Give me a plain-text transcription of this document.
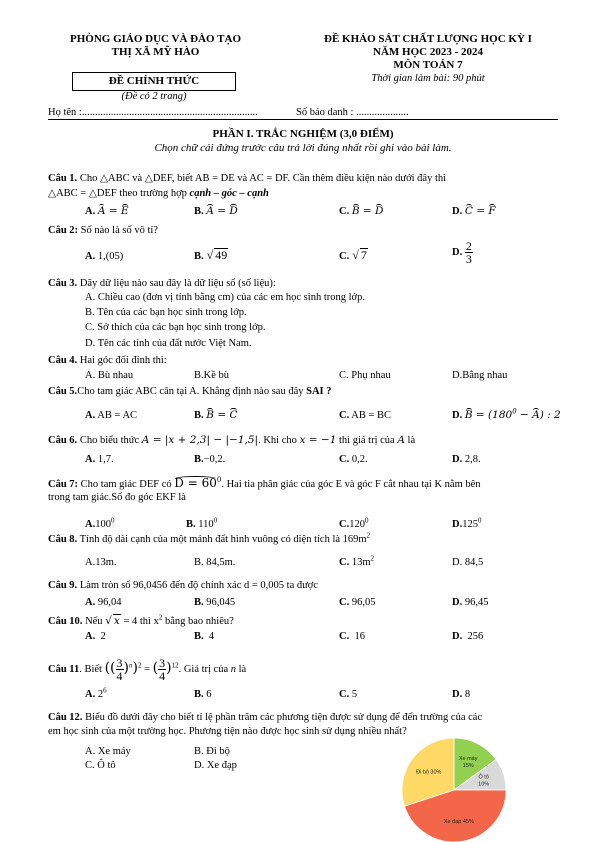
PHÒNG GIÁO DỤC VÀ ĐÀO TẠO
THỊ XÃ MỸ HÀO
ĐỀ CHÍNH THỨC
(Đề có 2 trang)
ĐỀ KHẢO SÁT CHẤT LƯỢNG HỌC KỲ I
NĂM HỌC 2023 - 2024
MÔN TOÁN 7
Thời gian làm bài: 90 phút
Họ tên :...................................................................	Số báo danh : ....................
PHẦN I. TRẮC NGHIỆM (3,0 ĐIỂM)
Chọn chữ cái đứng trước câu trả lời đúng nhất rồi ghi vào bài làm.
Câu 1. Cho △ABC và △DEF, biết AB = DE và AC = DF. Cần thêm điều kiện nào dưới đây thì
△ABC = △DEF theo trường hợp cạnh – góc – cạnh
A. A = E	B. A = D	C. B = D	D. C = F
Câu 2: Số nào là số vô tỉ?
A. 1,(05)	B. √ 49	C. √ 7	D. $\frac{2}{3}$
Câu 3. Dãy dữ liệu nào sau đây là dữ liệu số (số liệu):
A. Chiều cao (đơn vị tính bằng cm) của các em học sinh trong lớp.
B. Tên của các bạn học sinh trong lớp.
C. Sở thích của các bạn học sinh trong lớp.
D. Tên các tỉnh của đất nước Việt Nam.
Câu 4. Hai góc đối đỉnh thì:
A. Bù nhau	B.Kề bù	C. Phụ nhau	D.Bằng nhau
Câu 5.Cho tam giác ABC cân tại A. Khẳng định nào sau đây SAI ?
A. AB = AC	B. B = C	C. AB = BC	D. $B = (180^0 - A)$ : 2
Câu 6. Cho biểu thức A = |x + 2,3| − |−1,5|. Khi cho x = −1 thì giá trị của A là
A. 1,7.	B.−0,2.	C. 0,2.	D. 2,8.
Câu 7: Cho tam giác DEF có $D = 60^0$. Hai tia phân giác của góc E và góc F cắt nhau tại K nằm bên
trong tam giác.Số đo góc EKF là
A.100$^0$	B. $110^0$	C.120$^0$	D.125$^0$
Câu 8. Tính độ dài cạnh của một mảnh đất hình vuông có diện tích là $169m^2$
A.13m.	B. 84,5m.	C. $13m^2$	D. 84,5
Câu 9. Làm tròn số 96,0456 đến độ chính xác d = 0,005 ta được
A. 96,04	B. 96,045	C. 96,05	D. 96,45
Câu 10. Nếu √ x = 4 thì $x^2$ bằng bao nhiêu?
A. 2	B. 4	C. 16	D. 256
Câu 11. Biết (( $\frac{3}{4} )^n)^2$ = ( $\frac{3}{4} )^{12}$. Giá trị của n là
A. $2^6$	B. 6	C. 5	D. 8
Câu 12. Biểu đồ dưới đây cho biết tỉ lệ phần trăm các phương tiện được sử dụng để đến trường của các
em học sinh của một trường học. Phương tiện nào được học sinh sử dụng nhiều nhất?
A. Xe máy	B. Đi bộ
C. Ô tô	D. Xe đạp
Xe máy 15%
Ô tô 10%
Xe đạp 45%
Đi bộ 30%
